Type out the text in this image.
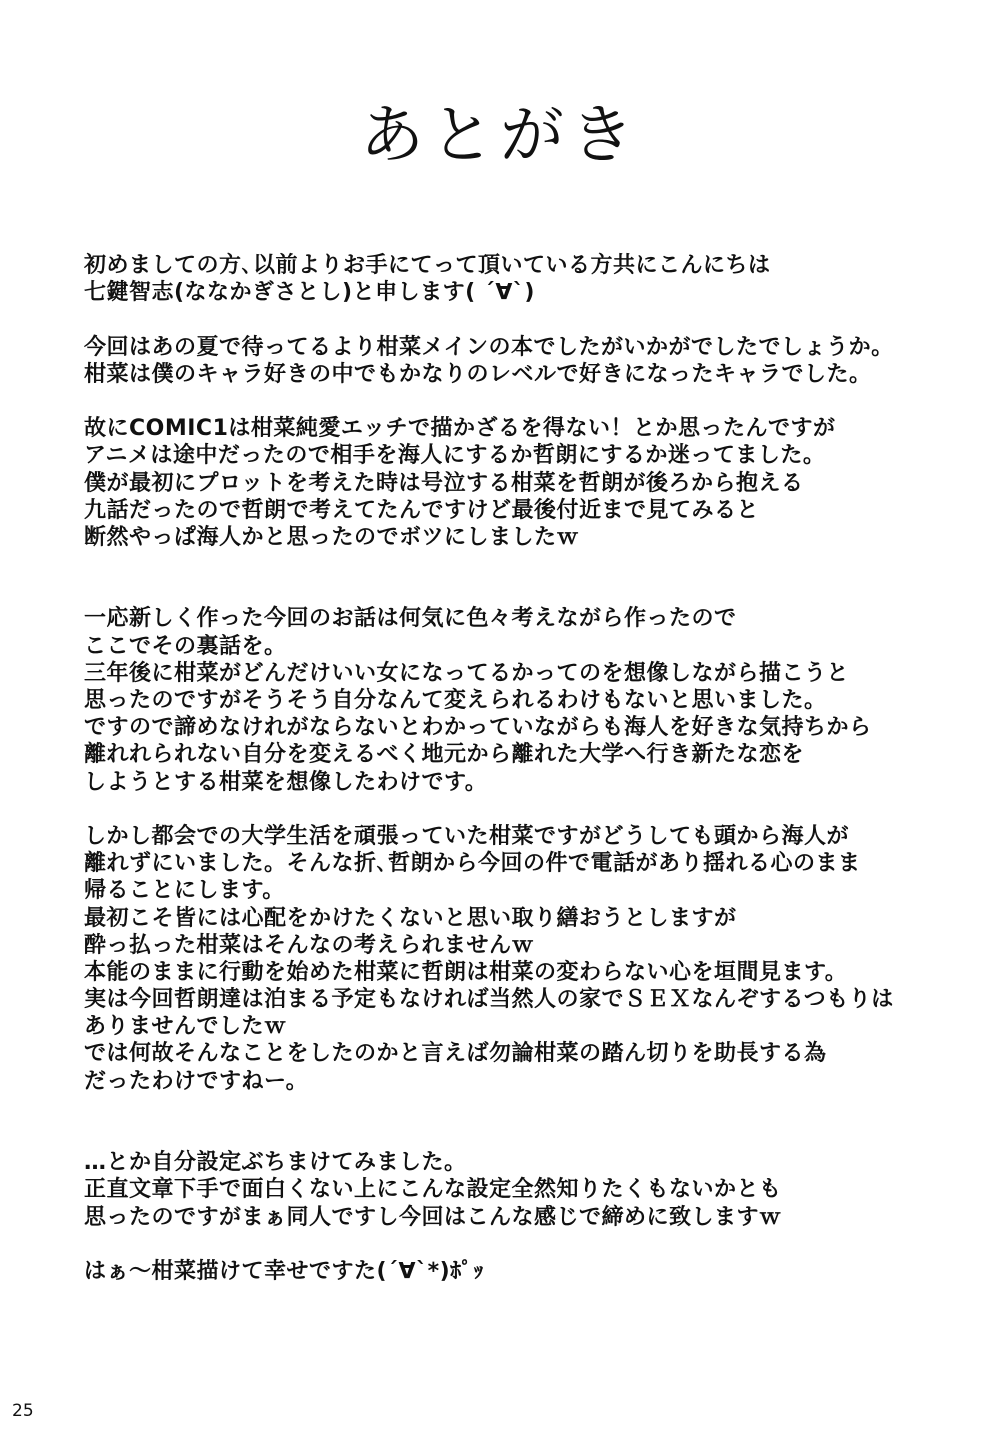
あとがき
初めましての方､以前よりお手にてって頂いている方共にこんにちは
七鍵智志(ななかぎさとし)と申します( ´∀`)
今回はあの夏で待ってるより柑菜メインの本でしたがいかがでしたでしょうか。
柑菜は僕のキャラ好きの中でもかなりのレベルで好きになったキャラでした。
故にCOMIC1は柑菜純愛エッチで描かざるを得ない！とか思ったんですが
アニメは途中だったので相手を海人にするか哲朗にするか迷ってました。
僕が最初にプロットを考えた時は号泣する柑菜を哲朗が後ろから抱える
九話だったので哲朗で考えてたんですけど最後付近まで見てみると
断然やっぱ海人かと思ったのでボツにしましたｗ
一応新しく作った今回のお話は何気に色々考えながら作ったので
ここでその裏話を。
三年後に柑菜がどんだけいい女になってるかってのを想像しながら描こうと
思ったのですがそうそう自分なんて変えられるわけもないと思いました。
ですので諦めなけれがならないとわかっていながらも海人を好きな気持ちから
離れれられない自分を変えるべく地元から離れた大学へ行き新たな恋を
しようとする柑菜を想像したわけです。
しかし都会での大学生活を頑張っていた柑菜ですがどうしても頭から海人が
離れずにいました。そんな折､哲朗から今回の件で電話があり揺れる心のまま
帰ることにします。
最初こそ皆には心配をかけたくないと思い取り繕おうとしますが
酔っ払った柑菜はそんなの考えられませんｗ
本能のままに行動を始めた柑菜に哲朗は柑菜の変わらない心を垣間見ます。
実は今回哲朗達は泊まる予定もなければ当然人の家でＳＥＸなんぞするつもりは
ありませんでしたｗ
では何故そんなことをしたのかと言えば勿論柑菜の踏ん切りを助長する為
だったわけですねー。
…とか自分設定ぶちまけてみました。
正直文章下手で面白くない上にこんな設定全然知りたくもないかとも
思ったのですがまぁ同人ですし今回はこんな感じで締めに致しますｗ
はぁ～柑菜描けて幸せですた(´∀`*)ﾎﾟｯ
25
